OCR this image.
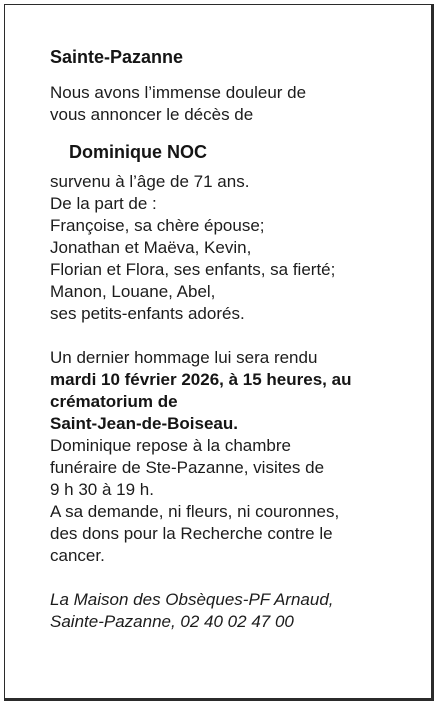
Sainte-Pazanne

Nous avons l’immense douleur de
vous annoncer le décès de

Dominique NOC

survenu à l’âge de 71 ans.
De la part de :
Françoise, sa chère épouse;
Jonathan et Maëva, Kevin,
Florian et Flora, ses enfants, sa fierté;
Manon, Louane, Abel,
ses petits-enfants adorés.

Un dernier hommage lui sera rendu
mardi 10 février 2026, à 15 heures, au
crématorium de
Saint-Jean-de-Boiseau.
Dominique repose à la chambre
funéraire de Ste-Pazanne, visites de
9 h 30 à 19 h.
A sa demande, ni fleurs, ni couronnes,
des dons pour la Recherche contre le
cancer.

La Maison des Obsèques-PF Arnaud,
Sainte-Pazanne, 02 40 02 47 00
